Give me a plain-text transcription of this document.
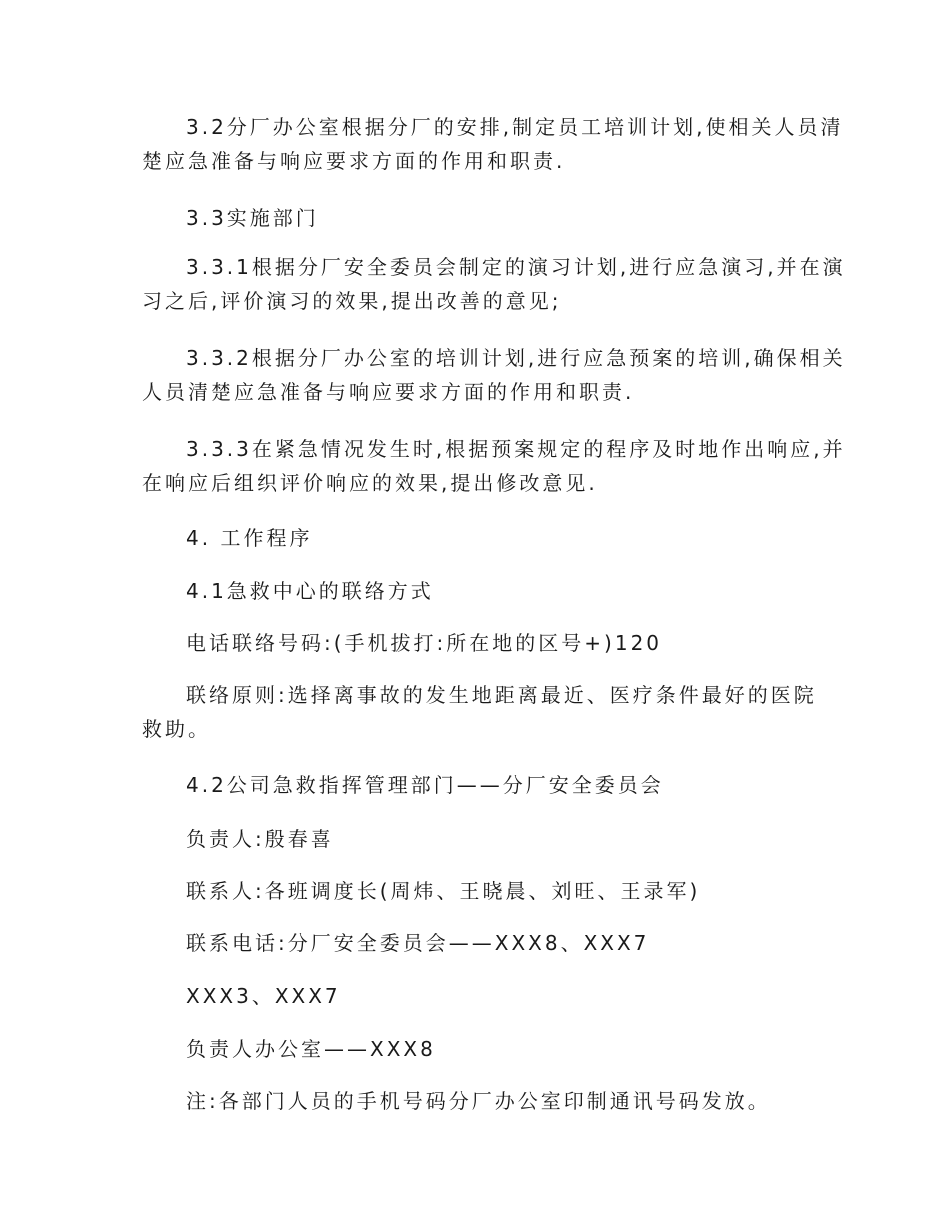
3.2分厂办公室根据分厂的安排,制定员工培训计划,使相关人员清
楚应急准备与响应要求方面的作用和职责.
3.3实施部门
3.3.1根据分厂安全委员会制定的演习计划,进行应急演习,并在演
习之后,评价演习的效果,提出改善的意见;
3.3.2根据分厂办公室的培训计划,进行应急预案的培训,确保相关
人员清楚应急准备与响应要求方面的作用和职责.
3.3.3在紧急情况发生时,根据预案规定的程序及时地作出响应,并
在响应后组织评价响应的效果,提出修改意见.
4. 工作程序
4.1急救中心的联络方式
电话联络号码:(手机拔打:所在地的区号+)120
联络原则:选择离事故的发生地距离最近、医疗条件最好的医院
救助。
4.2公司急救指挥管理部门——分厂安全委员会
负责人:殷春喜
联系人:各班调度长(周炜、王晓晨、刘旺、王录军)
联系电话:分厂安全委员会——XXX8、XXX7
XXX3、XXX7
负责人办公室——XXX8
注:各部门人员的手机号码分厂办公室印制通讯号码发放。
